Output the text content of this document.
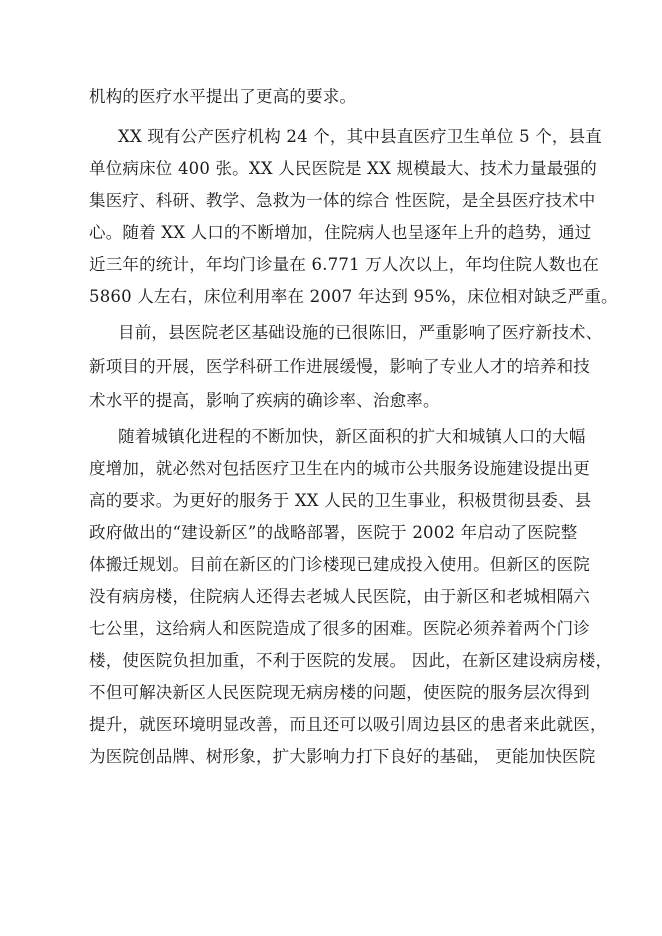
机构的医疗水平提出了更高的要求。
XX 现有公产医疗机构 24 个，其中县直医疗卫生单位 5 个，县直
单位病床位 400 张。XX 人民医院是 XX 规模最大、技术力量最强的
集医疗、科研、教学、急救为一体的综合 性医院，是全县医疗技术中
心。随着 XX 人口的不断增加，住院病人也呈逐年上升的趋势，通过
近三年的统计，年均门诊量在 6.771 万人次以上，年均住院人数也在
5860 人左右，床位利用率在 2007 年达到 95%，床位相对缺乏严重。
目前，县医院老区基础设施的已很陈旧，严重影响了医疗新技术、
新项目的开展，医学科研工作进展缓慢，影响了专业人才的培养和技
术水平的提高，影响了疾病的确诊率、治愈率。
随着城镇化进程的不断加快，新区面积的扩大和城镇人口的大幅
度增加，就必然对包括医疗卫生在内的城市公共服务设施建设提出更
高的要求。为更好的服务于 XX 人民的卫生事业，积极贯彻县委、县
政府做出的“建设新区”的战略部署，医院于 2002 年启动了医院整
体搬迁规划。目前在新区的门诊楼现已建成投入使用。但新区的医院
没有病房楼，住院病人还得去老城人民医院，由于新区和老城相隔六
七公里，这给病人和医院造成了很多的困难。医院必须养着两个门诊
楼，使医院负担加重，不利于医院的发展。 因此，在新区建设病房楼，
不但可解决新区人民医院现无病房楼的问题，使医院的服务层次得到
提升，就医环境明显改善，而且还可以吸引周边县区的患者来此就医，
为医院创品牌、树形象，扩大影响力打下良好的基础， 更能加快医院
